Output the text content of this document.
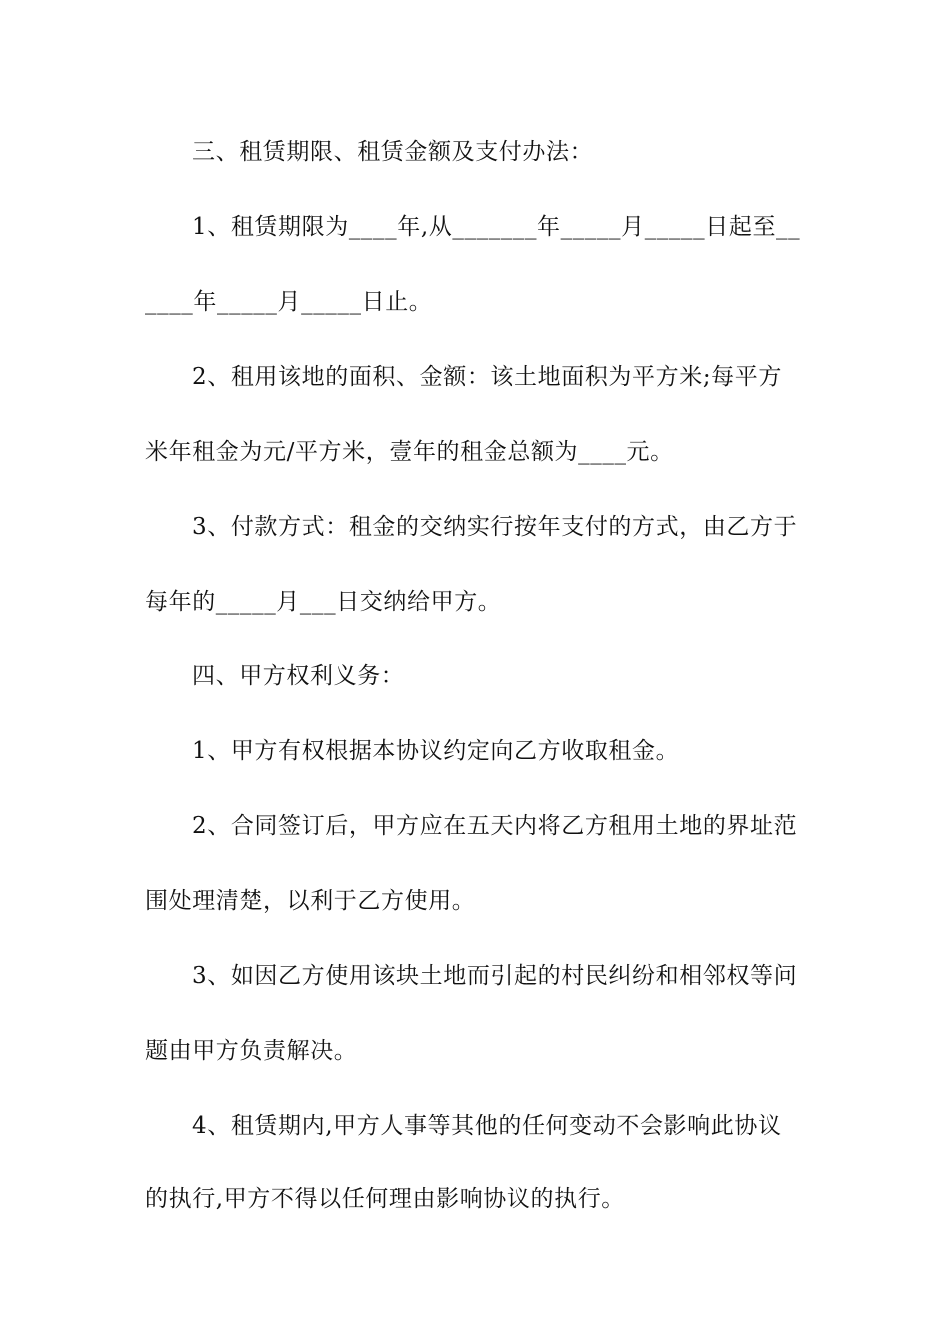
三、租赁期限、租赁金额及支付办法：
1、租赁期限为____年,从_______年_____月_____日起至__
____年_____月_____日止。
2、租用该地的面积、金额：该土地面积为平方米;每平方
米年租金为元/平方米，壹年的租金总额为____元。
3、付款方式：租金的交纳实行按年支付的方式，由乙方于
每年的_____月___日交纳给甲方。
四、甲方权利义务：
1、甲方有权根据本协议约定向乙方收取租金。
2、合同签订后，甲方应在五天内将乙方租用土地的界址范
围处理清楚，以利于乙方使用。
3、如因乙方使用该块土地而引起的村民纠纷和相邻权等问
题由甲方负责解决。
4、租赁期内,甲方人事等其他的任何变动不会影响此协议
的执行,甲方不得以任何理由影响协议的执行。
